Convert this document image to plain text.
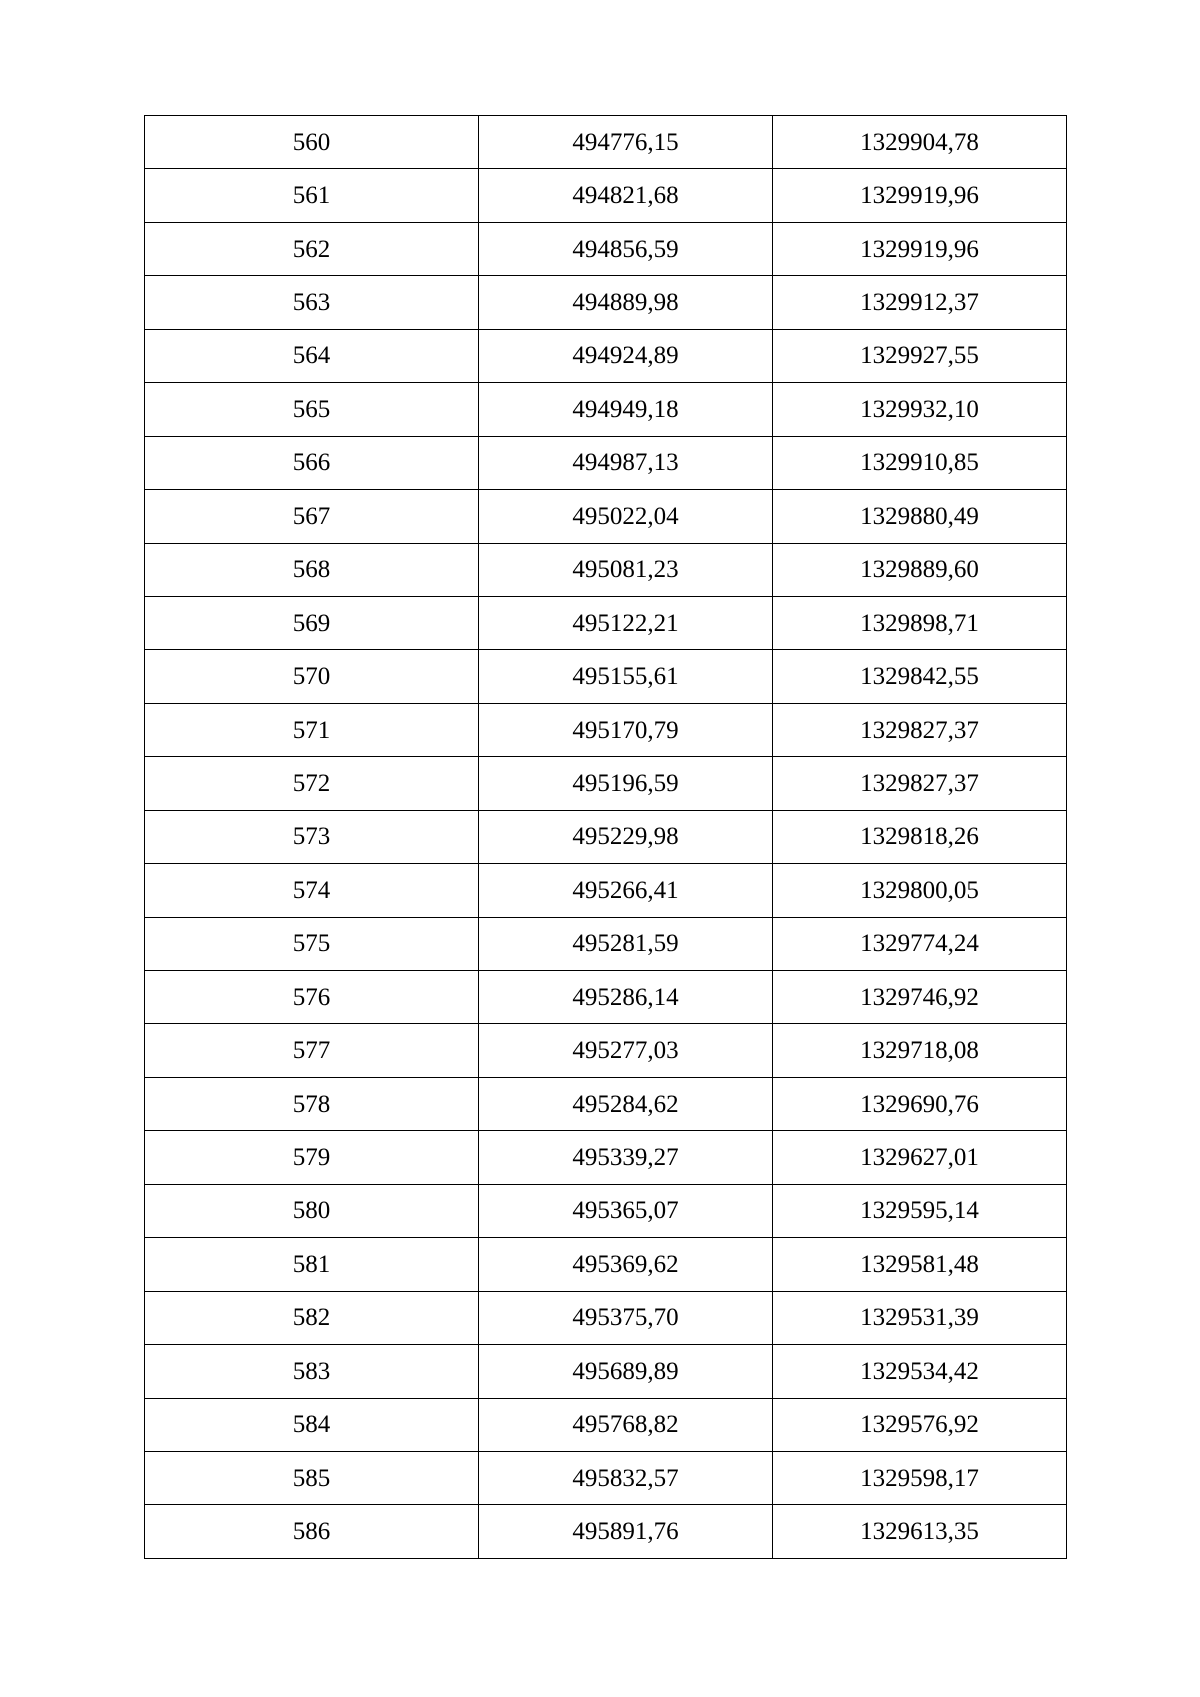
560	494776,15	1329904,78
561	494821,68	1329919,96
562	494856,59	1329919,96
563	494889,98	1329912,37
564	494924,89	1329927,55
565	494949,18	1329932,10
566	494987,13	1329910,85
567	495022,04	1329880,49
568	495081,23	1329889,60
569	495122,21	1329898,71
570	495155,61	1329842,55
571	495170,79	1329827,37
572	495196,59	1329827,37
573	495229,98	1329818,26
574	495266,41	1329800,05
575	495281,59	1329774,24
576	495286,14	1329746,92
577	495277,03	1329718,08
578	495284,62	1329690,76
579	495339,27	1329627,01
580	495365,07	1329595,14
581	495369,62	1329581,48
582	495375,70	1329531,39
583	495689,89	1329534,42
584	495768,82	1329576,92
585	495832,57	1329598,17
586	495891,76	1329613,35
